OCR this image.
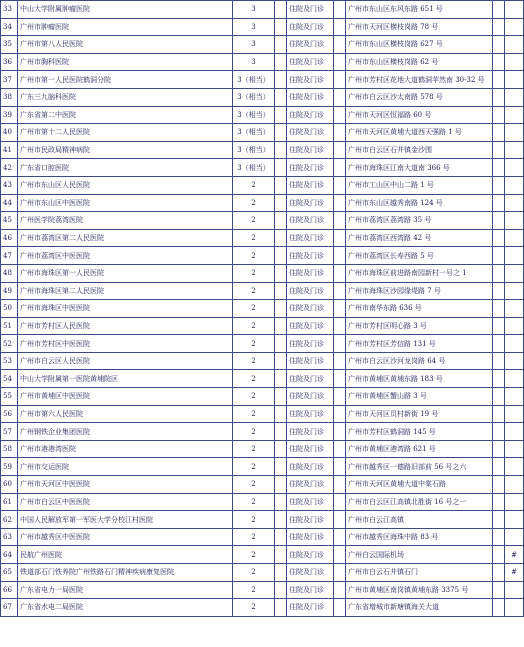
33	中山大学附属肿瘤医院	3		住院及门诊		广州市东山区东风东路 651 号		
34	广州市肿瘤医院	3		住院及门诊		广州市天河区横枝岗路 78 号		
35	广州市第八人民医院	3		住院及门诊		广州市东山区横枝岗路 627 号		
36	广州市胸科医院	3		住院及门诊		广州市东山区横枝岗路 62 号		
37	广州市第一人民医院鹤洞分院	3（相当）		住院及门诊		广州市芳村区花地大道鹤洞苹然南 30-32 号		
38	广东三九脑科医院	3（相当）		住院及门诊		广州市白云区沙太南路 578 号		
39	广东省第二中医院	3（相当）		住院及门诊		广州市天河区恒福路 60 号		
40	广州市第十二人民医院	3（相当）		住院及门诊		广州市天河区黄埔大道西天强路 1 号		
41	广州市民政局精神病院	3（相当）		住院及门诊		广州市白云区石井镇金沙围		
42	广东省口腔医院	3（相当）		住院及门诊		广州市海珠区江南大道南 366 号		
43	广州市东山区人民医院	2		住院及门诊		广州市工山区中山二路 1 号		
44	广州市东山区中医医院	2		住院及门诊		广州市东山区越秀南路 124 号		
45	广州医学院荔湾医院	2		住院及门诊		广州市荔湾区荔湾路 35 号		
46	广州市荔湾区第二人民医院	2		住院及门诊		广州市荔湾区西湾路 42 号		
47	广州市荔湾区中医医院	2		住院及门诊		广州市荔湾区长寿西路 5 号		
48	广州市海珠区第一人民医院	2		住院及门诊		广州市海珠区前进路南园新村一号之 1		
49	广州市海珠区第二人民医院	2		住院及门诊		广州市海珠区沙园缘堤路 7 号		
50	广州市海珠区中医医院	2		住院及门诊		广州市南华东路 636 号		
51	广州市芳村区人民医院	2		住院及门诊		广州市芳村区明心路 3 号		
52	广州市芳村区中医医院	2		住院及门诊		广州市芳村区芳信路 131 号		
53	广州市白云区人民医院	2		住院及门诊		广州市白云区沙河龙岗路 64 号		
54	中山大学附属第一医院黄埔院区	2		住院及门诊		广州市黄埔区黄埔东路 183 号		
55	广州市黄埔区中医医院	2		住院及门诊		广州市黄埔区蟹山路 3 号		
56	广州市第六人民医院	2		住院及门诊		广州市天河区员村新街 19 号		
57	广州钢铁企业集团医院	2		住院及门诊		广州市芳村区鹤洞路 145 号		
58	广州市港港湾医院	2		住院及门诊		广州市黄埔区港湾路 621 号		
59	广州市交运医院	2		住院及门诊		广州市越秀区一德路旧部前 56 号之六		
60	广州市天河区中医医院	2		住院及门诊		广州市天河区黄埔大道中棠石路		
61	广州市白云区中医医院	2		住院及门诊		广州市白云区江高镇北胜街 16 号之一		
62	中国人民解放军第一军医大学分校江村医院	2		住院及门诊		广州市白云江高镇		
63	广州市越秀区中医医院	2		住院及门诊		广州市越秀区海珠中路 83 号		
64	民航广州医院	2		住院及门诊		广州白云国际机场		#
65	铁道部石门铁养院广州铁路石门精神疾病康复医院	2		住院及门诊		广州市白云石井镇石门		#
66	广东省电力一局医院	2		住院及门诊		广州市黄埔区南岗镇黄埔东路 3375 号		
67	广东省水电二局医院	2		住院及门诊		广东省增城市新塘镇海关大道		
